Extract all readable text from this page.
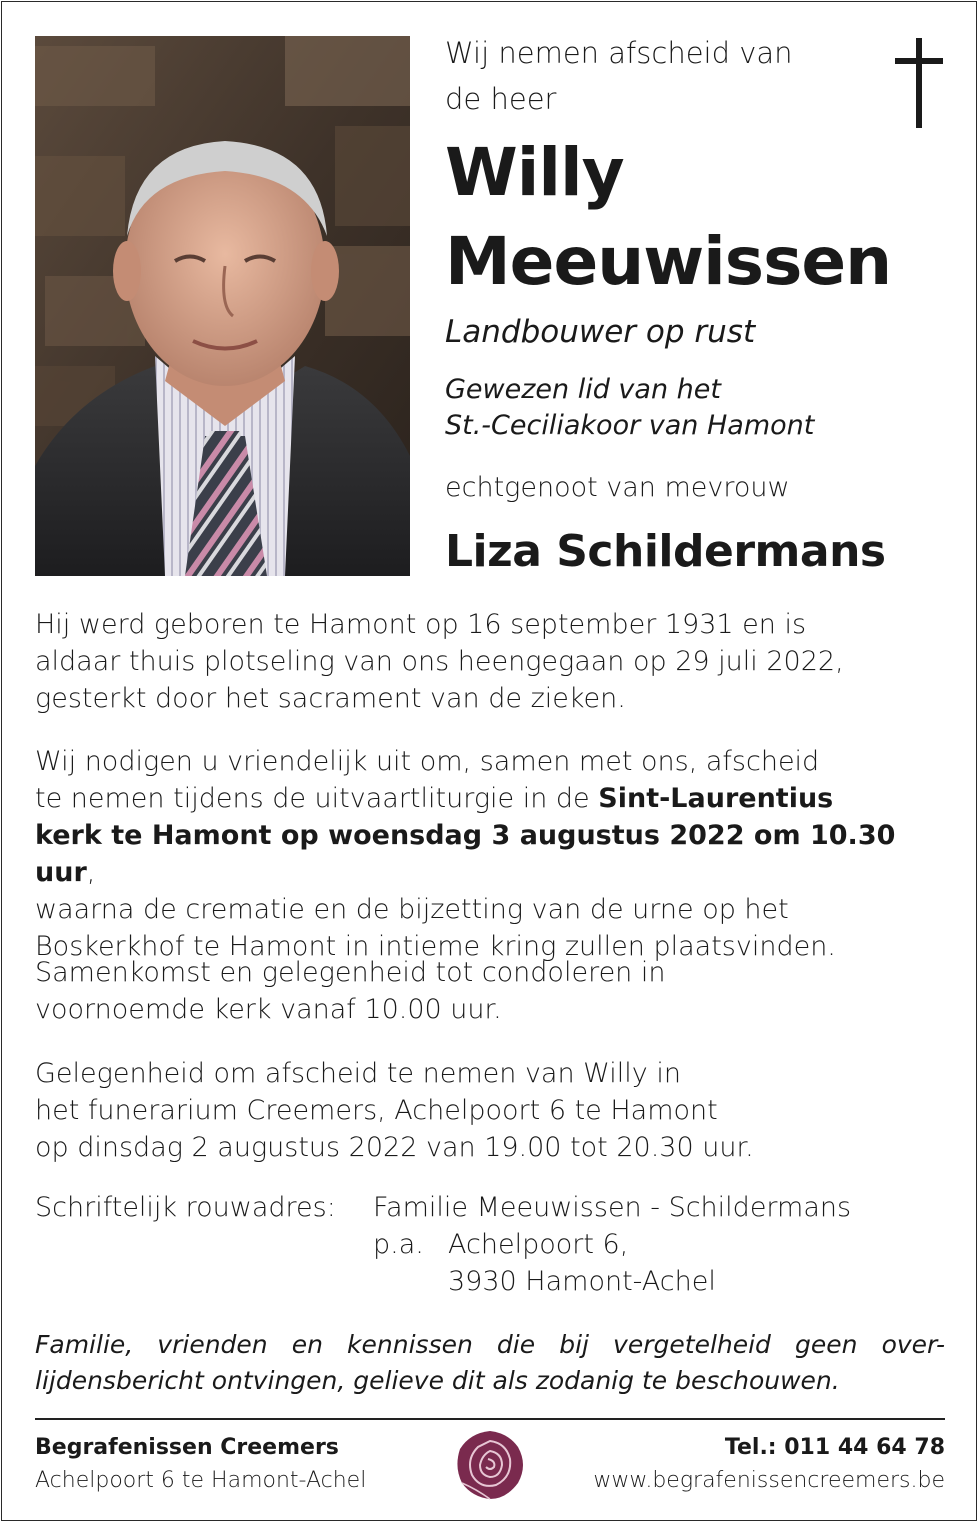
Wij nemen afscheid van
de heer
Willy
Meeuwissen
Landbouwer op rust
Gewezen lid van het
St.-Ceciliakoor van Hamont
echtgenoot van mevrouw
Liza Schildermans
Hij werd geboren te Hamont op 16 september 1931 en is
aldaar thuis plotseling van ons heengegaan op 29 juli 2022,
gesterkt door het sacrament van de zieken.
Wij nodigen u vriendelijk uit om, samen met ons, afscheid
te nemen tijdens de uitvaartliturgie in de Sint-Laurentius
kerk te Hamont op woensdag 3 augustus 2022 om 10.30 uur,
waarna de crematie en de bijzetting van de urne op het
Boskerkhof te Hamont in intieme kring zullen plaatsvinden.
Samenkomst en gelegenheid tot condoleren in
voornoemde kerk vanaf 10.00 uur.
Gelegenheid om afscheid te nemen van Willy in
het funerarium Creemers, Achelpoort 6 te Hamont
op dinsdag 2 augustus 2022 van 19.00 tot 20.30 uur.
Schriftelijk rouwadres: Familie Meeuwissen - Schildermans
p.a. Achelpoort 6,
3930 Hamont-Achel
Familie, vrienden en kennissen die bij vergetelheid geen over-
lijdensbericht ontvingen, gelieve dit als zodanig te beschouwen.
Begrafenissen Creemers
Achelpoort 6 te Hamont-Achel
Tel.: 011 44 64 78
www.begrafenissencreemers.be
